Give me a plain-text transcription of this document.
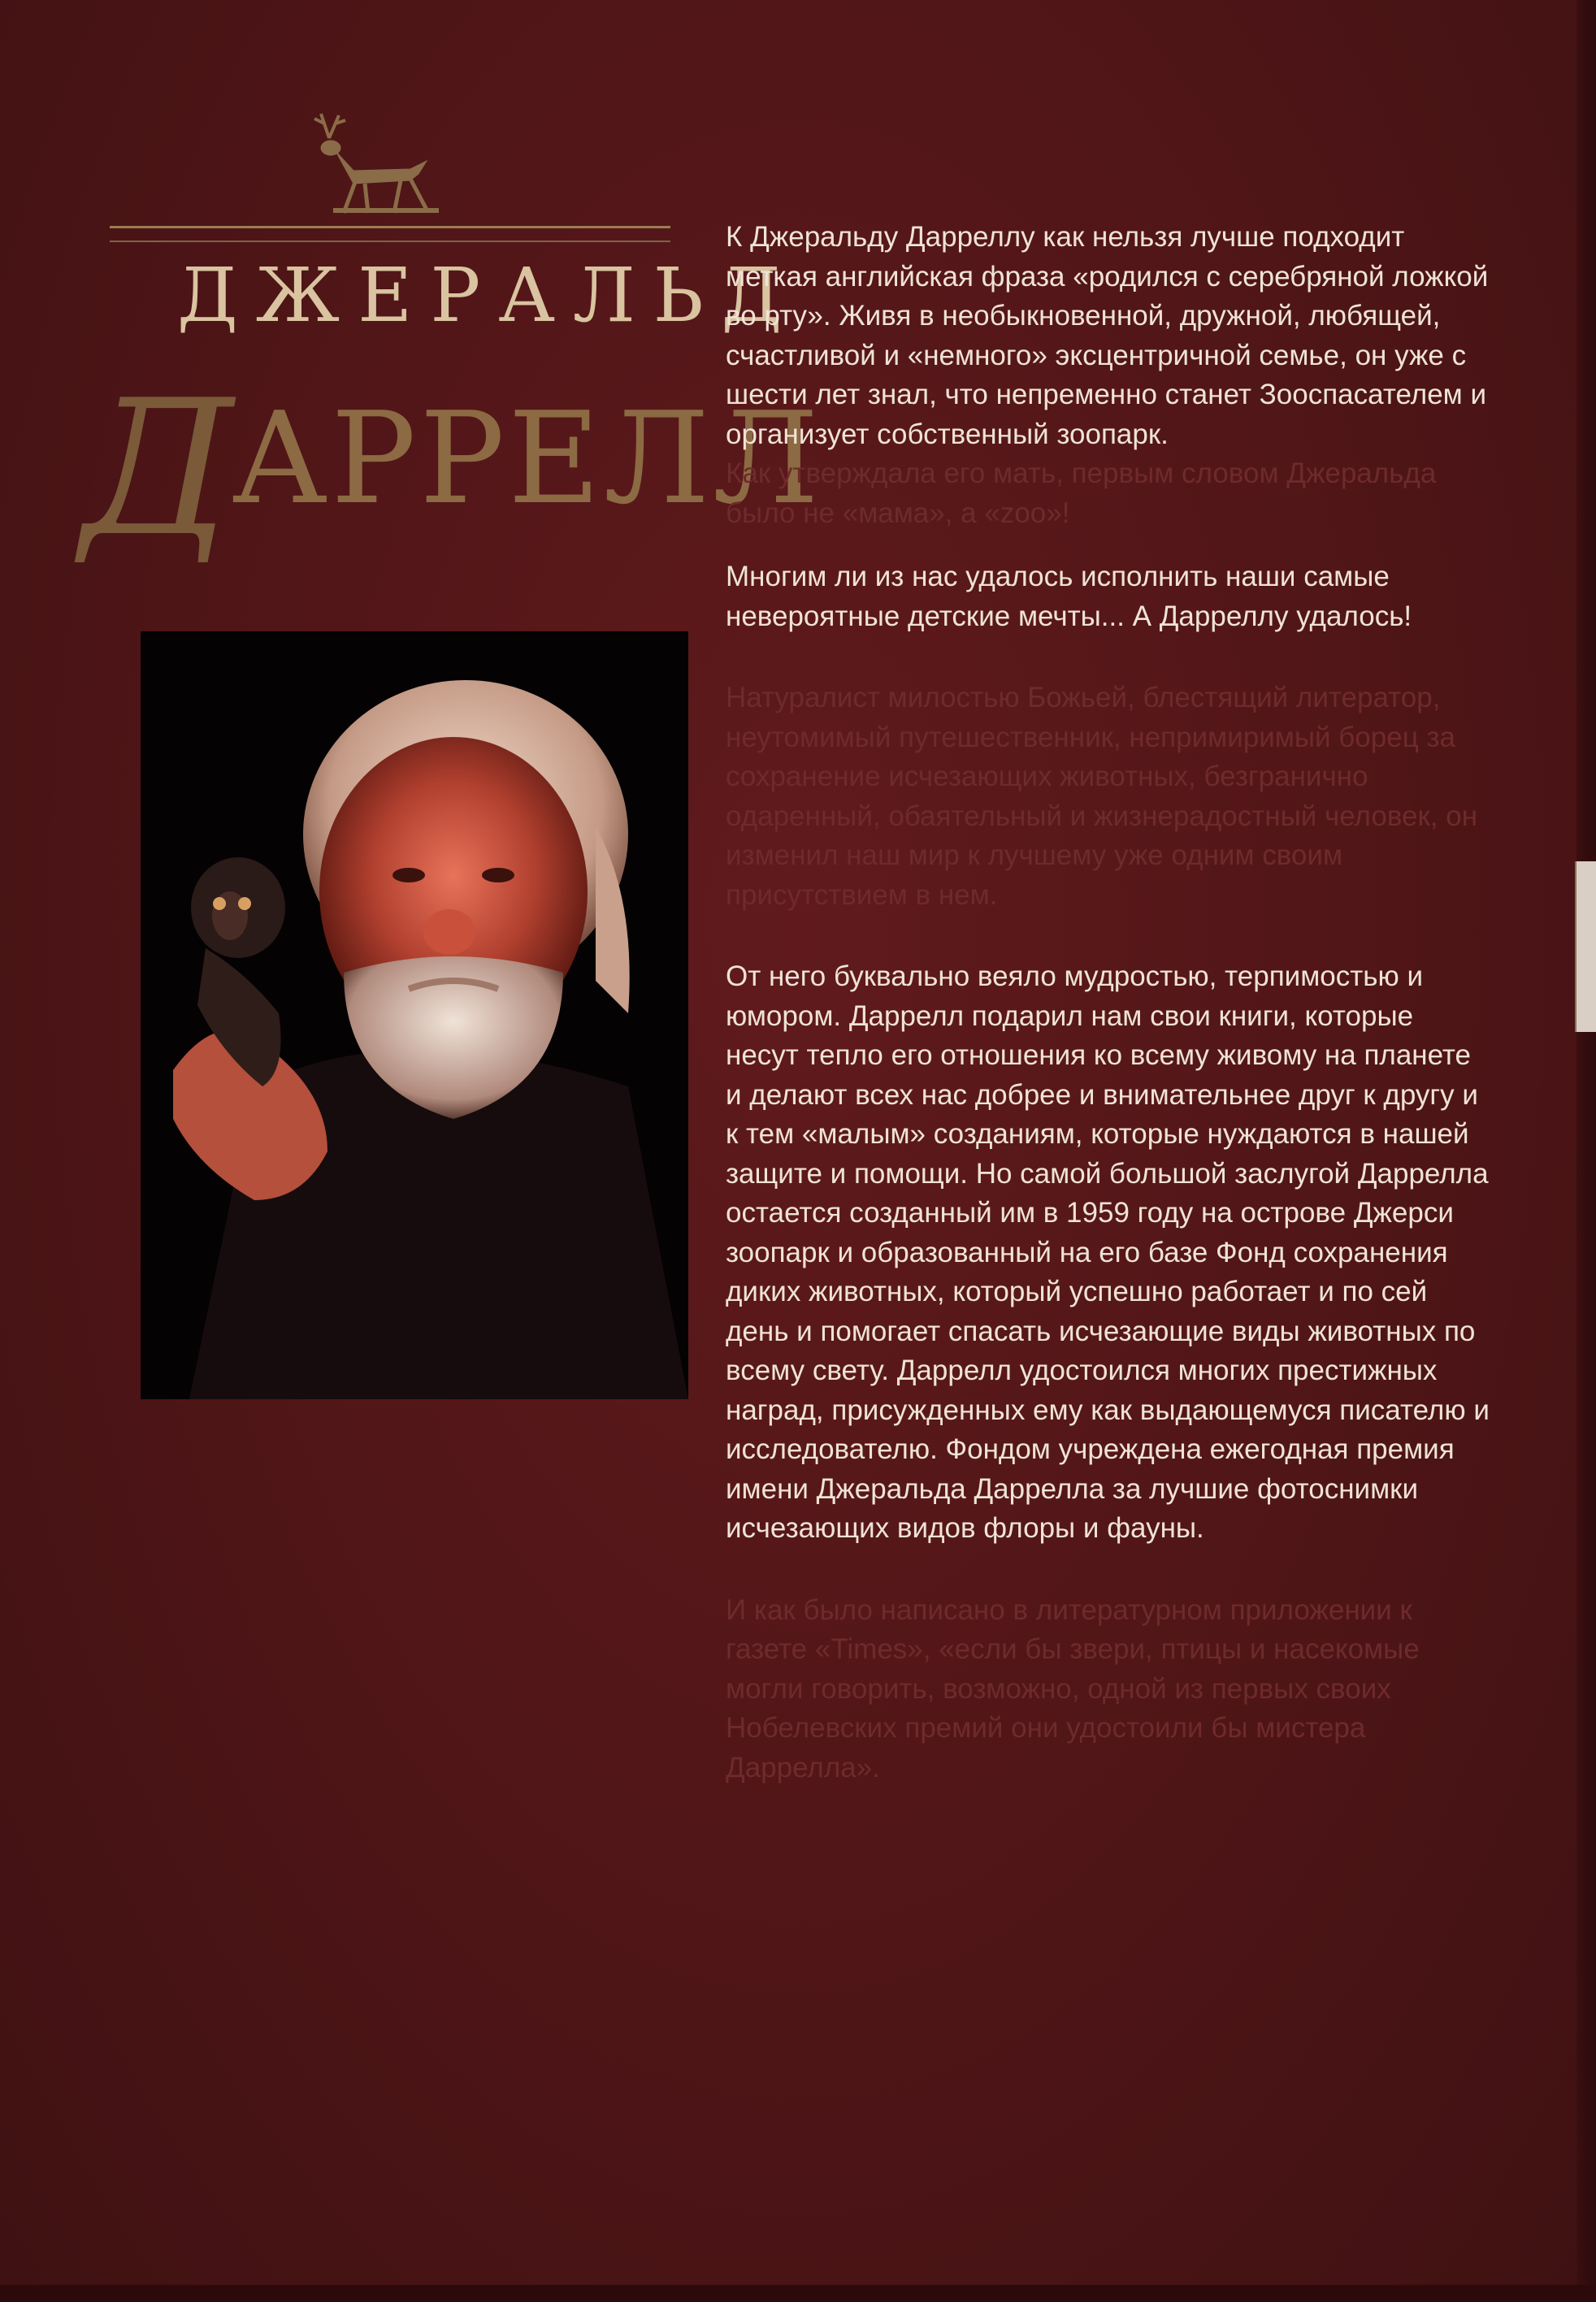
ДЖЕРАЛЬД
ДАРРЕЛЛ

К Джеральду Дарреллу как нельзя лучше подходит меткая английская фраза «родился с серебряной ложкой во рту». Живя в необыкновенной, дружной, любящей, счастливой и «немного» эксцентричной семье, он уже с шести лет знал, что непременно станет Зооспасателем и организует собственный зоопарк.

Как утверждала его мать, первым словом Джеральда было не «мама», а «zoo»!

Многим ли из нас удалось исполнить наши самые невероятные детские мечты... А Дарреллу удалось!

Натуралист милостью Божьей, блестящий литератор, неутомимый путешественник, непримиримый борец за сохранение исчезающих животных, безгранично одаренный, обаятельный и жизнерадостный человек, он изменил наш мир к лучшему уже одним своим присутствием в нем.

От него буквально веяло мудростью, терпимостью и юмором. Даррелл подарил нам свои книги, которые несут тепло его отношения ко всему живому на планете и делают всех нас добрее и внимательнее друг к другу и к тем «малым» созданиям, которые нуждаются в нашей защите и помощи. Но самой большой заслугой Даррелла остается созданный им в 1959 году на острове Джерси зоопарк и образованный на его базе Фонд сохранения диких животных, который успешно работает и по сей день и помогает спасать исчезающие виды животных по всему свету. Даррелл удостоился многих престижных наград, присужденных ему как выдающемуся писателю и исследователю. Фондом учреждена ежегодная премия имени Джеральда Даррелла за лучшие фотоснимки исчезающих видов флоры и фауны.

И как было написано в литературном приложении к газете «Times», «если бы звери, птицы и насекомые могли говорить, возможно, одной из первых своих Нобелевских премий они удостоили бы мистера Даррелла».
